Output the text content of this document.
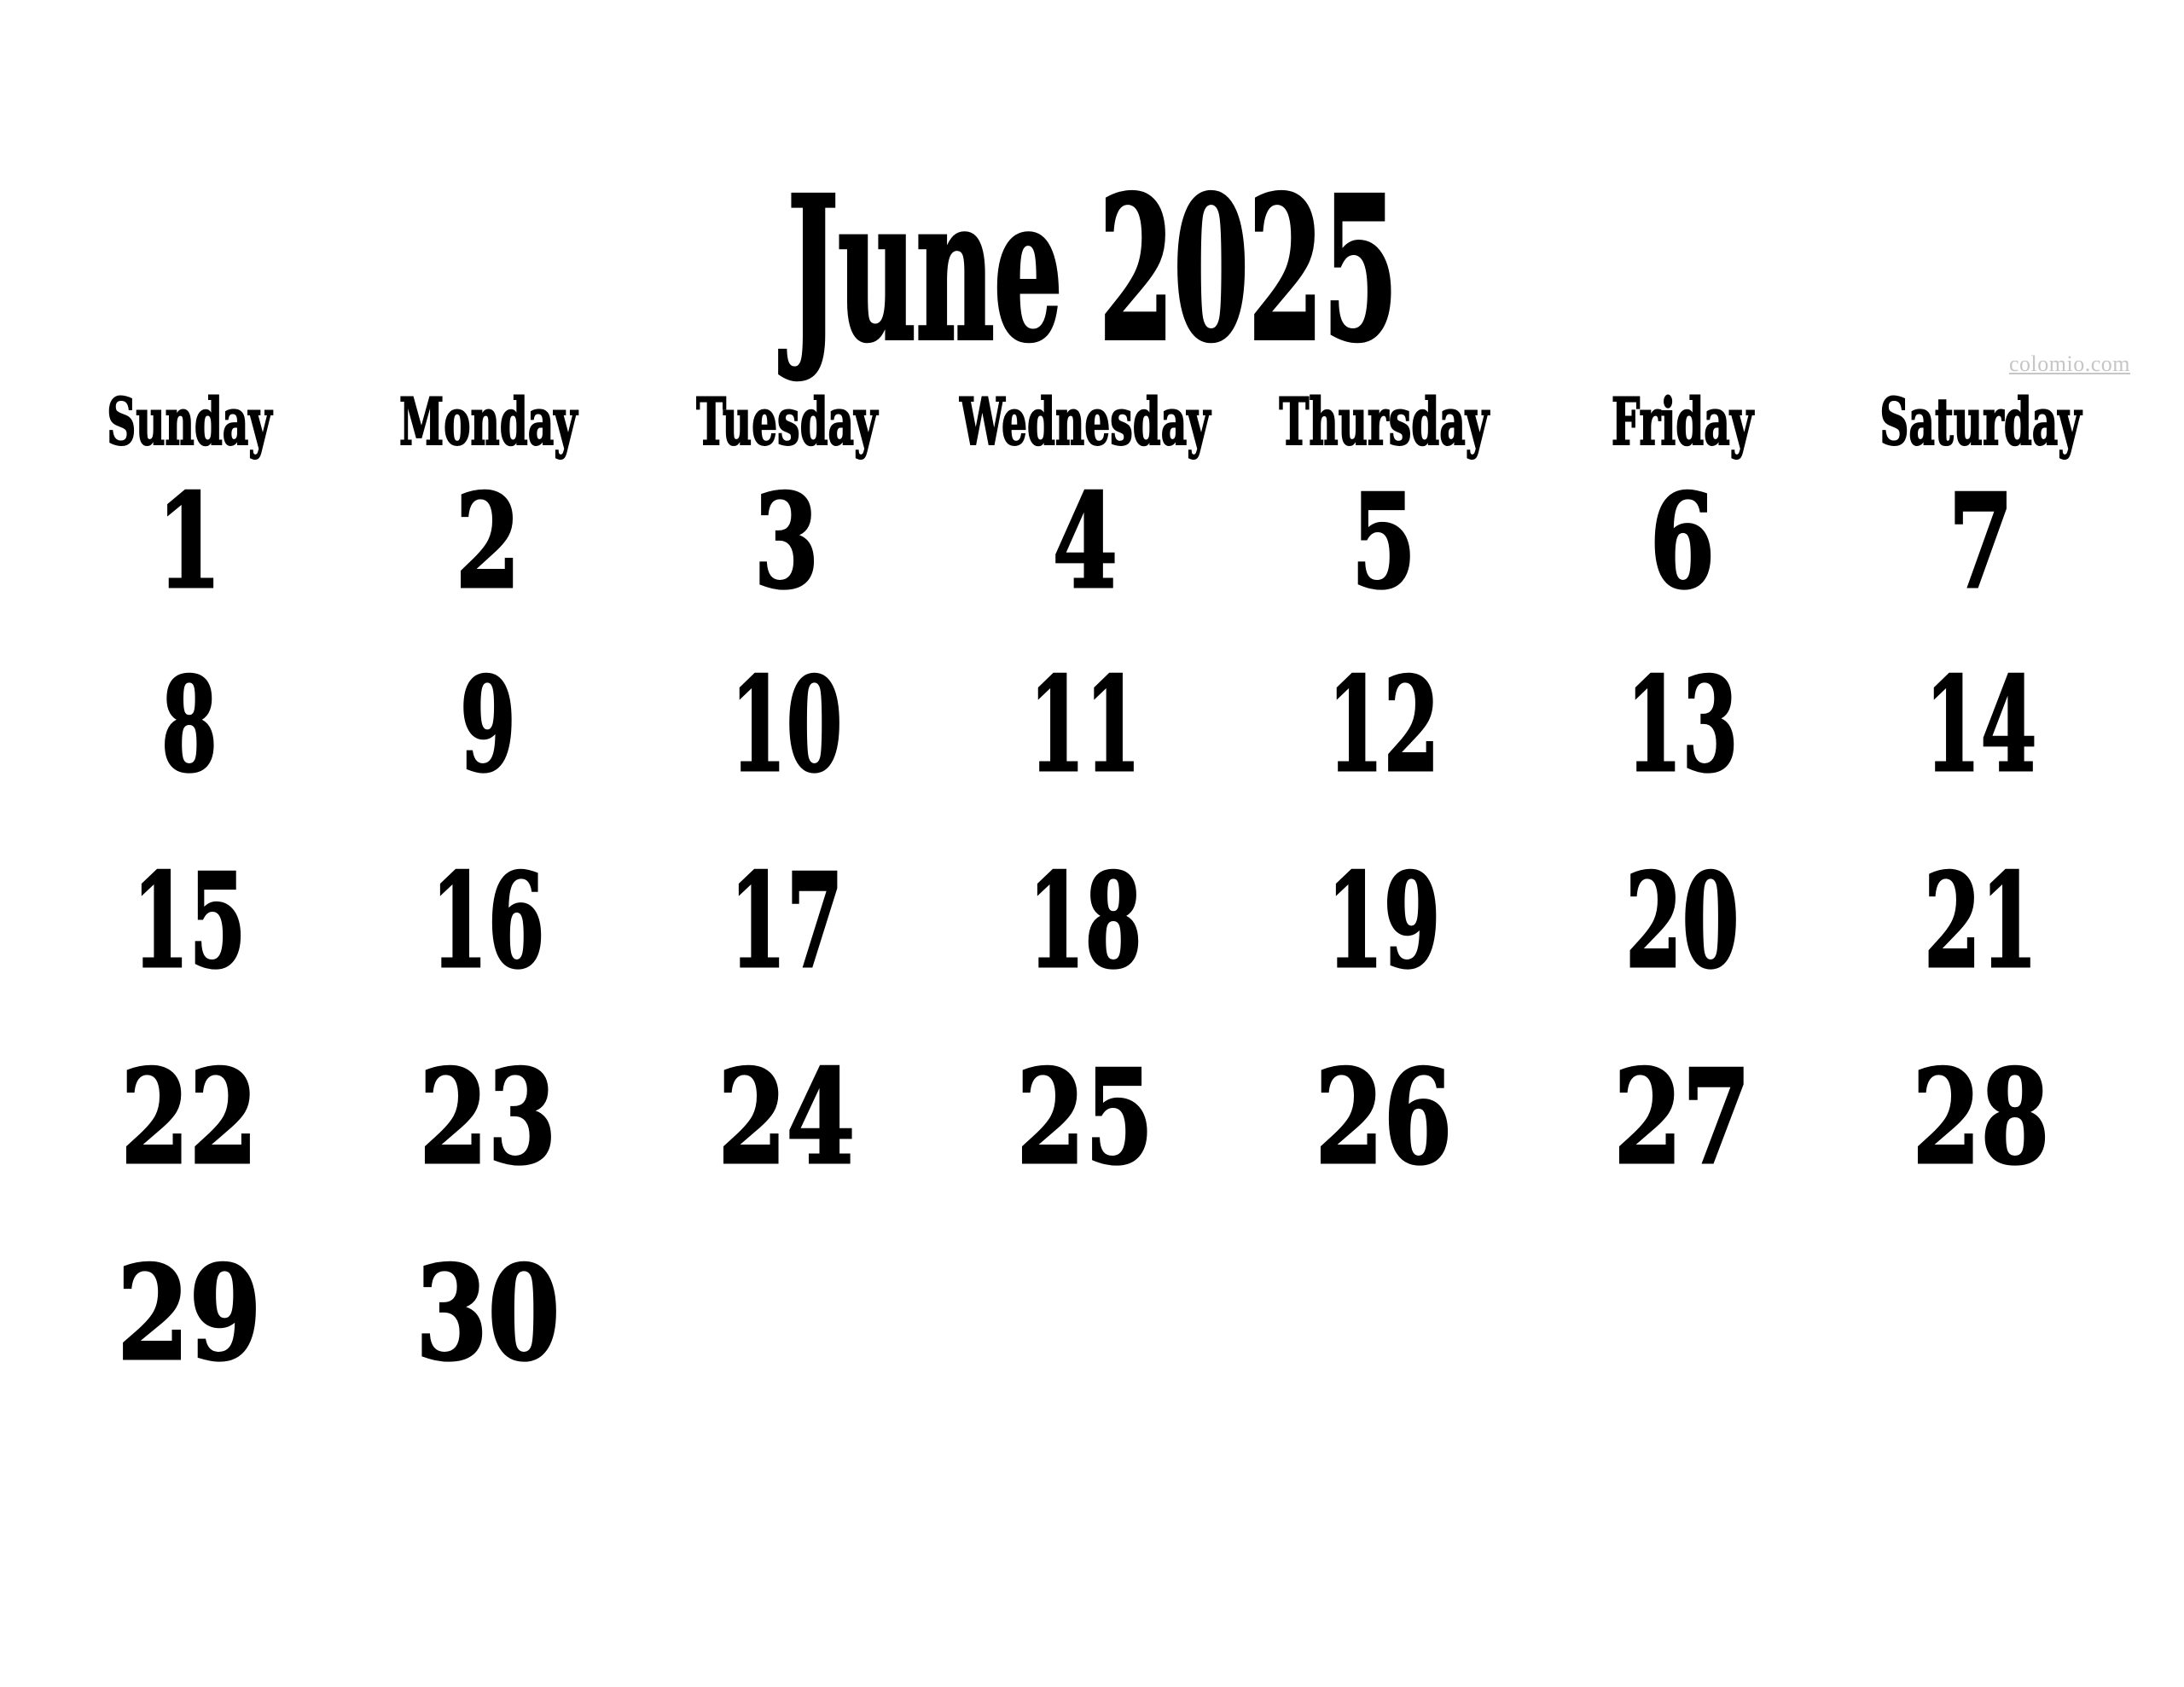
June 2025	colomio.com
Sunday Monday Tuesday Wednesday Thursday Friday Saturday
1 2 3 4 5 6 7
8 9 10 11 12 13 14
15 16 17 18 19 20 21
22 23 24 25 26 27 28
29 30
